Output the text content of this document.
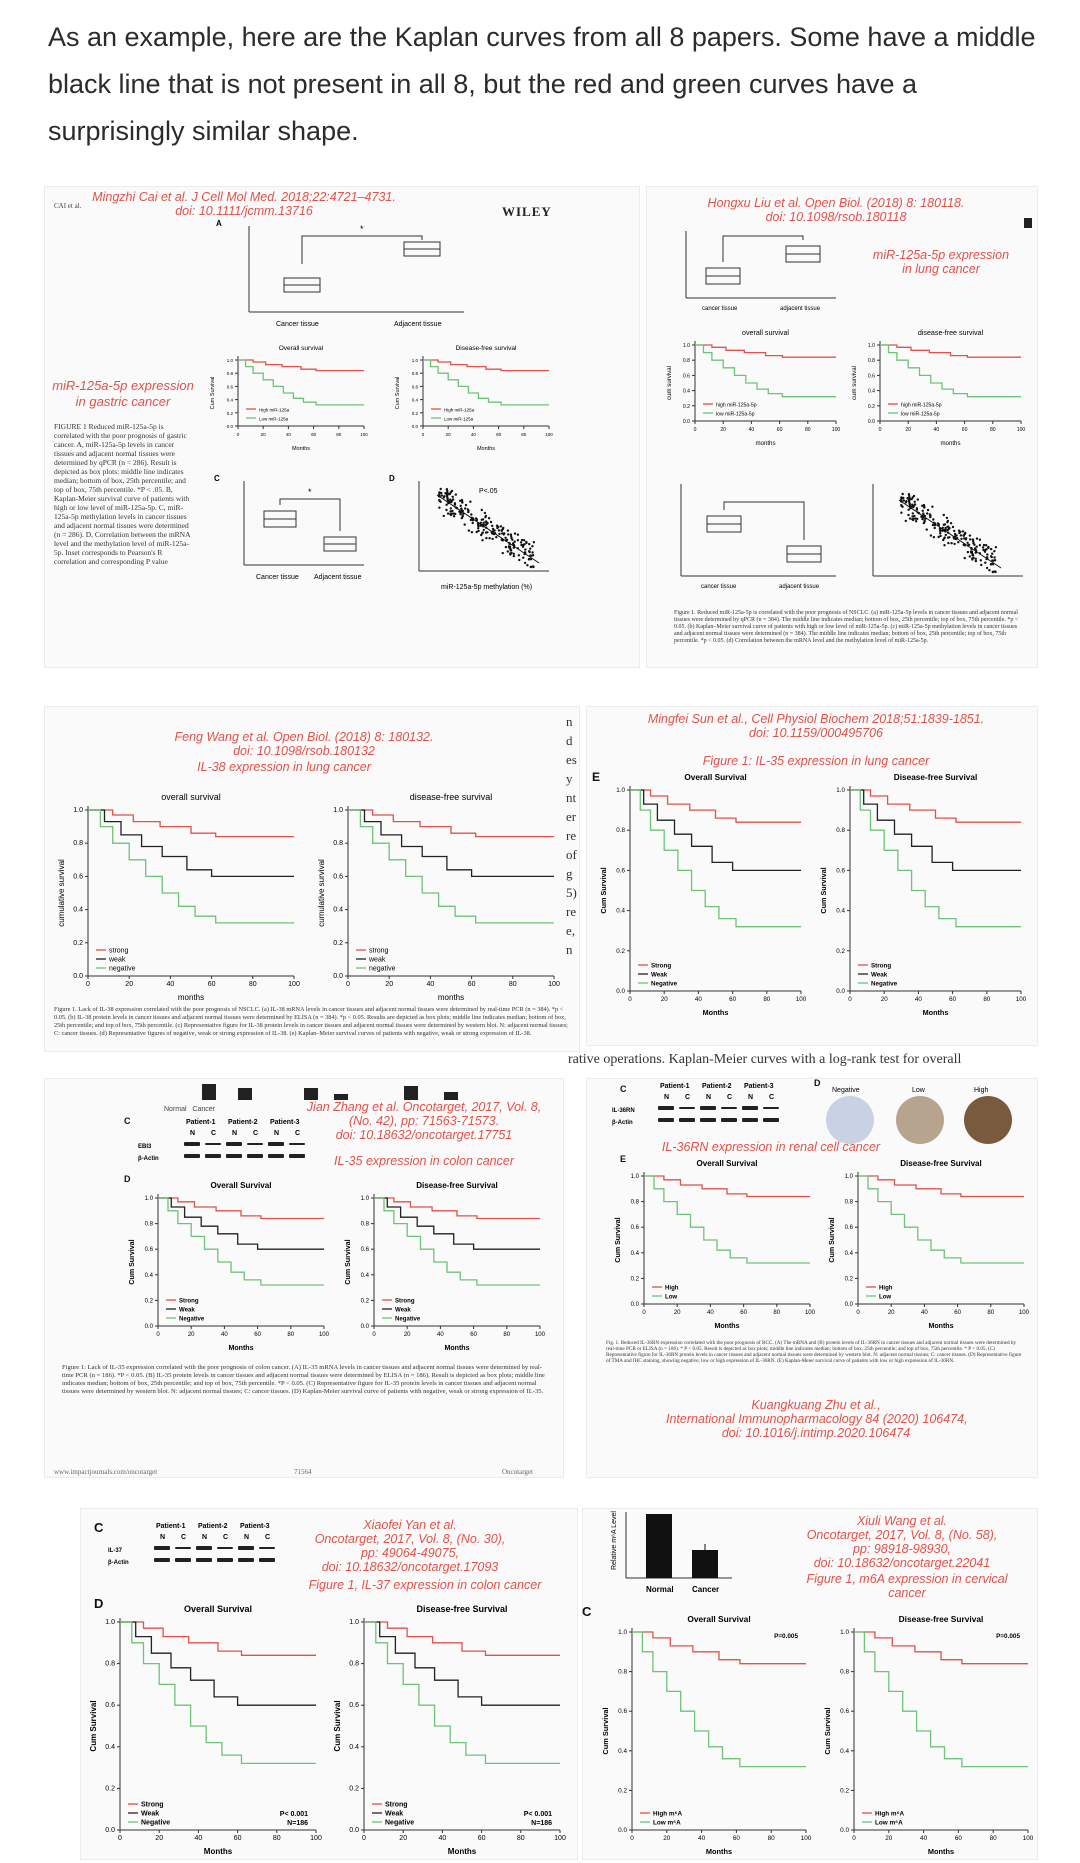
As an example, here are the Kaplan curves from all 8 papers. Some have a middle black line that is not present in all 8, but the red and green curves have a surprisingly similar shape.

CAI et al.
Mingzhi Cai et al. J Cell Mol Med. 2018;22:4721–4731.
doi: 10.1111/jcmm.13716	WILEY
miR-125a-5p expression
in gastric cancer
FIGURE 1 Reduced miR-125a-5p is correlated with the poor prognosis of gastric cancer. A, miR-125a-5p levels in cancer tissues and adjacent normal tissues were determined by qPCR (n = 286). Result is depicted as box plots: middle line indicates median; bottom of box, 25th percentile; and top of box, 75th percentile. *P < .05. B, Kaplan-Meier survival curve of patients with high or low level of miR-125a-5p. C, miR-125a-5p methylation levels in cancer tissues and adjacent normal tissues were determined (n = 286). D, Correlation between the mRNA level and the methylation level of miR-125a-5p. Inset corresponds to Pearson's R correlation and corresponding P value
A
*
Cancer tissue	Adjacent tissue
Overall survival
0.0
0.2
0.4
0.6
0.8
1.0
0	20	40	60	80	100
Months
Cum Survival
High miR-125a
Low miR-125a
Disease-free survival
0.0
0.2
0.4
0.6
0.8
1.0
0	20	40	60	80	100
Months
Cum Survival
High miR-125a
Low miR-125a
C
*
Cancer tissue Adjacent tissue
D
P<.05
miR-125a-5p methylation (%)
Hongxu Liu et al. Open Biol. (2018) 8: 180118.
doi: 10.1098/rsob.180118
miR-125a-5p expression
in lung cancer
cancer tissue	adjacent tissue
overall survival
0.0
0.2
0.4
0.6
0.8
1.0
0	20	40	60	80	100
months
cum survival
high miR-125a-5p
low miR-125a-5p
disease-free survival
0.0
0.2
0.4
0.6
0.8
1.0
0	20	40	60	80	100
months
cum survival
high miR-125a-5p
low miR-125a-5p
cancer tissue	adjacent tissue
Figure 1. Reduced miR-125a-5p is correlated with the poor prognosis of NSCLC. (a) miR-125a-5p levels in cancer tissues and adjacent normal tissues were determined by qPCR (n = 384). The middle line indicates median; bottom of box, 25th percentile; top of box, 75th percentile. *p < 0.05. (b) Kaplan–Meier survival curve of patients with high or low level of miR-125a-5p. (c) miR-125a-5p methylation levels in cancer tissues and adjacent normal tissues were determined (n = 384). The middle line indicates median; bottom of box, 25th percentile; top of box, 75th percentile. *p < 0.05. (d) Correlation between the mRNA level and the methylation level of miR-125a-5p.
Feng Wang et al. Open Biol. (2018) 8: 180132.
doi: 10.1098/rsob.180132
IL-38 expression in lung cancer
overall survival
0.0
0.2
0.4
0.6
0.8
1.0
0	20	40	60	80	100
months
cumulative survival
strong
weak
negative
disease-free survival
0.0
0.2
0.4
0.6
0.8
1.0
0	20	40	60	80	100
months
cumulative survival
strong
weak
negative
Figure 1. Lack of IL-38 expression correlated with the poor prognosis of NSCLC. (a) IL-38 mRNA levels in cancer tissues and adjacent normal tissues were determined by real-time PCR (n = 384). *p < 0.05. (b) IL-38 protein levels in cancer tissues and adjacent normal tissues were determined by ELISA (n = 384). *p < 0.05. Results are depicted as box plots; middle line indicates median; bottom of box, 25th percentile; and top of box, 75th percentile. (c) Representative figure for IL-38 protein levels in cancer tissues and adjacent normal tissues were determined by western blot. N: adjacent normal tissues; C: cancer tissues. (d) Representative figures of negative, weak or strong expression of IL-38. (e) Kaplan–Meier survival curves of patients with negative, weak or strong expression of IL-38.
n
d
es
y
nt
er
re
of
g
5)
re
e,
n
rative operations. Kaplan-Meier curves with a log-rank test for overall
Mingfei Sun et al., Cell Physiol Biochem 2018;51:1839-1851.
doi: 10.1159/000495706
Figure 1: IL-35 expression in lung cancer
E	Overall Survival
0.0
0.2
0.4
0.6
0.8
1.0
0	20	40	60	80	100
Months
Cum Survival
Strong
Weak
Negative
Disease-free Survival
0.0
0.2
0.4
0.6
0.8
1.0
0	20	40	60	80	100
Months
Cum Survival
Strong
Weak
Negative
Normal Cancer
C	Patient-1 Patient-2 Patient-3
N C N C N C
EBI3
β-Actin
Jian Zhang et al. Oncotarget, 2017, Vol. 8,
(No. 42), pp: 71563-71573.
doi: 10.18632/oncotarget.17751
IL-35 expression in colon cancer
D
Overall Survival
0.0
0.2
0.4
0.6
0.8
1.0
0	20	40	60	80	100
Months
Cum Survival
Strong
Weak
Negative
Disease-free Survival
0.0
0.2
0.4
0.6
0.8
1.0
0	20	40	60	80	100
Months
Cum Survival
Strong
Weak
Negative
Figure 1: Lack of IL-35 expression correlated with the poor prognosis of colon cancer. (A) IL-35 mRNA levels in cancer tissues and adjacent normal tissues were determined by real-time PCR (n = 186). *P < 0.05. (B) IL-35 protein levels in cancer tissues and adjacent normal tissues were determined by ELISA (n = 186). Result is depicted as box plots; middle line indicates median; bottom of box, 25th percentile; and top of box, 75th percentile. *P < 0.05. (C) Representative figure for IL-35 protein levels in cancer tissues and adjacent normal tissues were determined by western blot. N: adjacent normal tissues; C: cancer tissues. (D) Kaplan-Meier survival curve of patients with negative, weak or strong expression of IL-35.
www.impactjournals.com/oncotarget	71564	Oncotarget
C	Patient-1 Patient-2 Patient-3
N C N C N C
IL-36RN
β-Actin
D
Negative	Low	High
E
IL-36RN expression in renal cell cancer
Overall Survival
0.0
0.2
0.4
0.6
0.8
1.0
0	20	40	60	80	100
Months
Cum Survival
High
Low
Disease-free Survival
0.0
0.2
0.4
0.6
0.8
1.0
0	20	40	60	80	100
Months
Cum Survival
High
Low
Fig. 1. Reduced IL-36RN expression correlated with the poor prognosis of RCC. (A) The mRNA and (B) protein levels of IL-36RN in cancer tissues and adjacent normal tissues were determined by real-time PCR or ELISA (n = 186). * P < 0.05. Result is depicted as box plots; middle line indicates median; bottom of box, 25th percentile; and top of box, 75th percentile. * P < 0.05. (C) Representative figure for IL-36RN protein levels in cancer tissues and adjacent normal tissues were determined by western blot. N: adjacent normal tissues; C: cancer tissues. (D) Representative figure of TMA and IHC staining, showing negative, low or high expression of IL-36RN. (E) Kaplan-Meier survival curve of patients with low or high expression of IL-36RN.
Kuangkuang Zhu et al.,
International Immunopharmacology 84 (2020) 106474,
doi: 10.1016/j.intimp.2020.106474
C	Patient-1 Patient-2 Patient-3
N C N C N C
IL-37
β-Actin
Xiaofei Yan et al.
Oncotarget, 2017, Vol. 8, (No. 30),
pp: 49064-49075,
doi: 10.18632/oncotarget.17093
Figure 1, IL-37 expression in colon cancer
D	Overall Survival
0.0
0.2
0.4
0.6
0.8
1.0
0	20	40	60	80	100
Months
Cum Survival
Strong
Weak
Negative
P< 0.001
N=186
Disease-free Survival
0.0
0.2
0.4
0.6
0.8
1.0
0	20	40	60	80	100
Months
Cum Survival
Strong
Weak
Negative
P< 0.001
N=186
Relative m⁶A Level
Normal Cancer
Xiuli Wang et al.
Oncotarget, 2017, Vol. 8, (No. 58),
pp: 98918-98930,
doi: 10.18632/oncotarget.22041
Figure 1, m6A expression in cervical
cancer
C	Overall Survival
0.0
0.2
0.4
0.6
0.8
1.0
0	20	40	60	80	100
Months
Cum Survival
High m⁶A
Low m⁶A
P=0.005
Disease-free Survival
0.0
0.2
0.4
0.6
0.8
1.0
0	20	40	60	80	100
Months
Cum Survival
High m⁶A
Low m⁶A
P=0.005
